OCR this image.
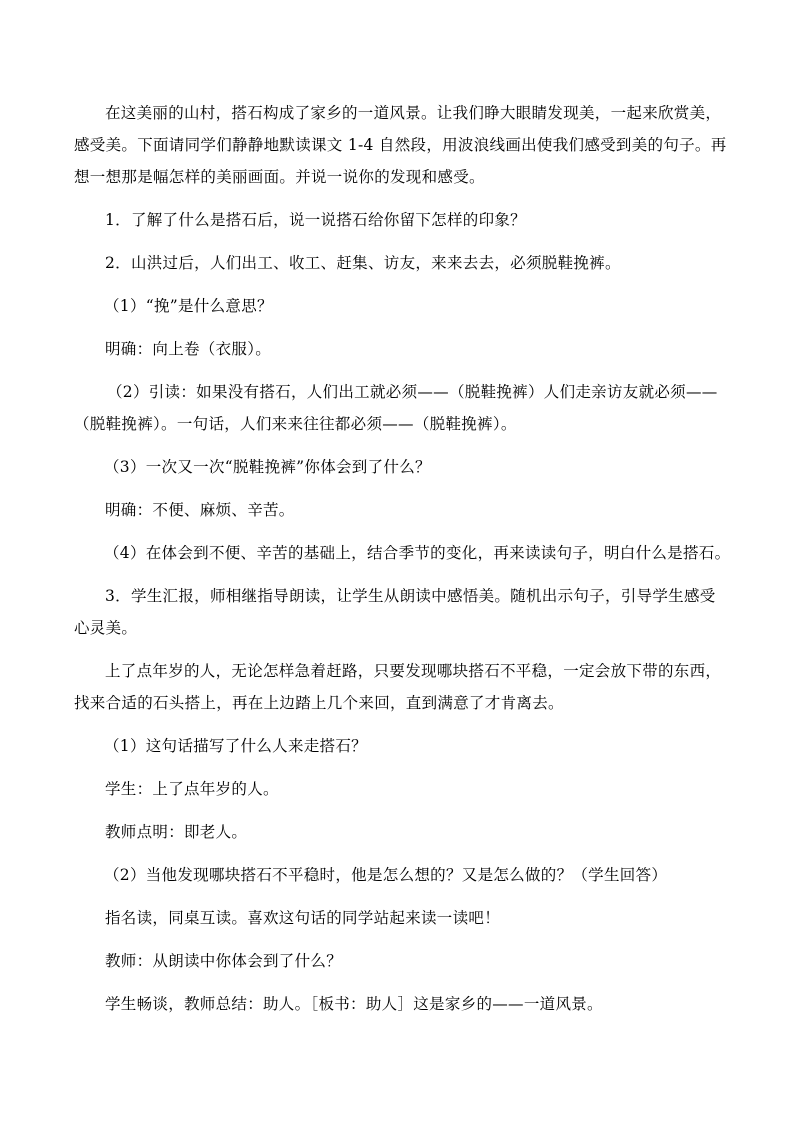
在这美丽的山村，搭石构成了家乡的一道风景。让我们睁大眼睛发现美，一起来欣赏美，
感受美。下面请同学们静静地默读课文 1-4 自然段，用波浪线画出使我们感受到美的句子。再
想一想那是幅怎样的美丽画面。并说一说你的发现和感受。

1．了解了什么是搭石后，说一说搭石给你留下怎样的印象？

2．山洪过后，人们出工、收工、赶集、访友，来来去去，必须脱鞋挽裤。

（1）“挽”是什么意思？

明确：向上卷（衣服）。

（2）引读：如果没有搭石，人们出工就必须——（脱鞋挽裤）人们走亲访友就必须——
（脱鞋挽裤）。一句话，人们来来往往都必须——（脱鞋挽裤）。

（3）一次又一次“脱鞋挽裤”你体会到了什么？

明确：不便、麻烦、辛苦。

（4）在体会到不便、辛苦的基础上，结合季节的变化，再来读读句子，明白什么是搭石。

3．学生汇报，师相继指导朗读，让学生从朗读中感悟美。随机出示句子，引导学生感受
心灵美。

上了点年岁的人，无论怎样急着赶路，只要发现哪块搭石不平稳，一定会放下带的东西，
找来合适的石头搭上，再在上边踏上几个来回，直到满意了才肯离去。

（1）这句话描写了什么人来走搭石？

学生：上了点年岁的人。

教师点明：即老人。

（2）当他发现哪块搭石不平稳时，他是怎么想的？又是怎么做的？（学生回答）

指名读，同桌互读。喜欢这句话的同学站起来读一读吧！

教师：从朗读中你体会到了什么？

学生畅谈，教师总结：助人。［板书：助人］这是家乡的——一道风景。
